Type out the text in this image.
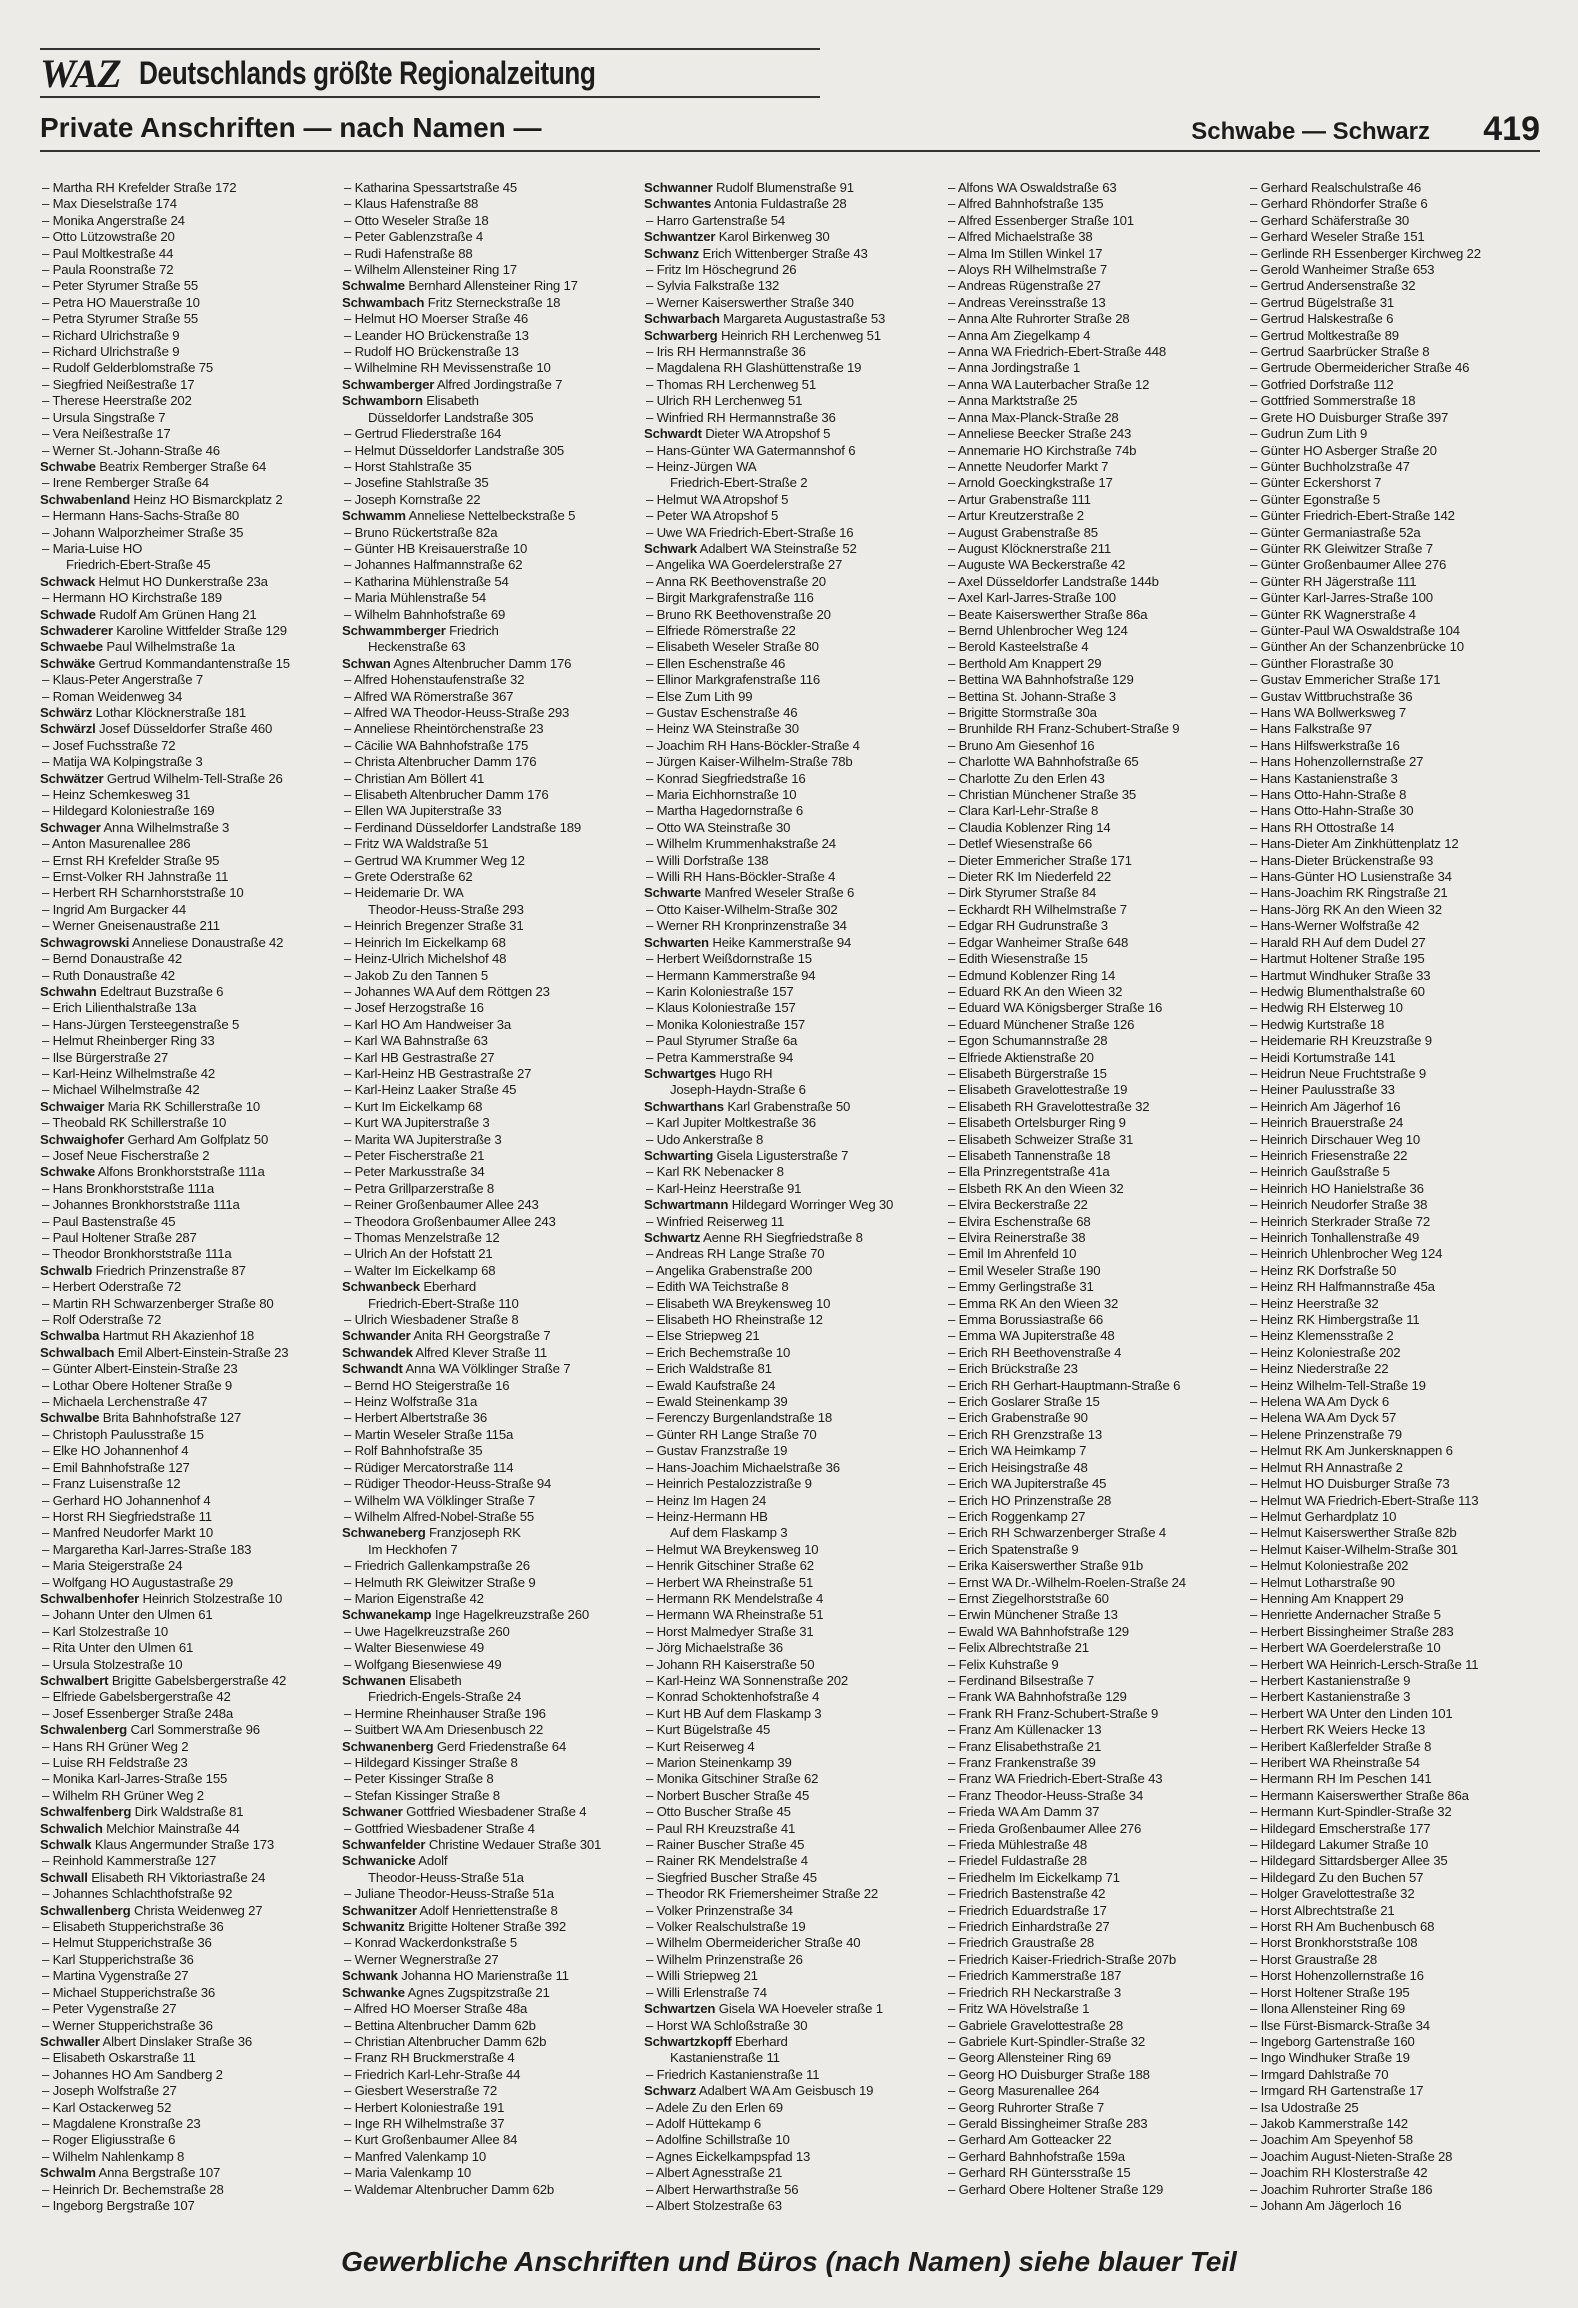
WAZ Deutschlands größte Regionalzeitung
Private Anschriften — nach Namen —	Schwabe — Schwarz 419
– Martha RH Krefelder Straße 172
– Max Dieselstraße 174
– Monika Angerstraße 24
– Otto Lützowstraße 20
– Paul Moltkestraße 44
– Paula Roonstraße 72
– Peter Styrumer Straße 55
– Petra HO Mauerstraße 10
– Petra Styrumer Straße 55
– Richard Ulrichstraße 9
– Richard Ulrichstraße 9
– Rudolf Gelderblomstraße 75
– Siegfried Neißestraße 17
– Therese Heerstraße 202
– Ursula Singstraße 7
– Vera Neißestraße 17
– Werner St.-Johann-Straße 46
Schwabe Beatrix Remberger Straße 64
– Irene Remberger Straße 64
Schwabenland Heinz HO Bismarckplatz 2
– Hermann Hans-Sachs-Straße 80
– Johann Walporzheimer Straße 35
– Maria-Luise HO
Friedrich-Ebert-Straße 45
Schwack Helmut HO Dunkerstraße 23a
– Hermann HO Kirchstraße 189
Schwade Rudolf Am Grünen Hang 21
Schwaderer Karoline Wittfelder Straße 129
Schwaebe Paul Wilhelmstraße 1a
Schwäke Gertrud Kommandantenstraße 15
– Klaus-Peter Angerstraße 7
– Roman Weidenweg 34
Schwärz Lothar Klöcknerstraße 181
Schwärzl Josef Düsseldorfer Straße 460
– Josef Fuchsstraße 72
– Matija WA Kolpingstraße 3
Schwätzer Gertrud Wilhelm-Tell-Straße 26
– Heinz Schemkesweg 31
– Hildegard Koloniestraße 169
Schwager Anna Wilhelmstraße 3
– Anton Masurenallee 286
– Ernst RH Krefelder Straße 95
– Ernst-Volker RH Jahnstraße 11
– Herbert RH Scharnhorststraße 10
– Ingrid Am Burgacker 44
– Werner Gneisenaustraße 211
Schwagrowski Anneliese Donaustraße 42
– Bernd Donaustraße 42
– Ruth Donaustraße 42
Schwahn Edeltraut Buzstraße 6
– Erich Lilienthalstraße 13a
– Hans-Jürgen Tersteegenstraße 5
– Helmut Rheinberger Ring 33
– Ilse Bürgerstraße 27
– Karl-Heinz Wilhelmstraße 42
– Michael Wilhelmstraße 42
Schwaiger Maria RK Schillerstraße 10
– Theobald RK Schillerstraße 10
Schwaighofer Gerhard Am Golfplatz 50
– Josef Neue Fischerstraße 2
Schwake Alfons Bronkhorststraße 111a
– Hans Bronkhorststraße 111a
– Johannes Bronkhorststraße 111a
– Paul Bastenstraße 45
– Paul Holtener Straße 287
– Theodor Bronkhorststraße 111a
Schwalb Friedrich Prinzenstraße 87
– Herbert Oderstraße 72
– Martin RH Schwarzenberger Straße 80
– Rolf Oderstraße 72
Schwalba Hartmut RH Akazienhof 18
Schwalbach Emil Albert-Einstein-Straße 23
– Günter Albert-Einstein-Straße 23
– Lothar Obere Holtener Straße 9
– Michaela Lerchenstraße 47
Schwalbe Brita Bahnhofstraße 127
– Christoph Paulusstraße 15
– Elke HO Johannenhof 4
– Emil Bahnhofstraße 127
– Franz Luisenstraße 12
– Gerhard HO Johannenhof 4
– Horst RH Siegfriedstraße 11
– Manfred Neudorfer Markt 10
– Margaretha Karl-Jarres-Straße 183
– Maria Steigerstraße 24
– Wolfgang HO Augustastraße 29
Schwalbenhofer Heinrich Stolzestraße 10
– Johann Unter den Ulmen 61
– Karl Stolzestraße 10
– Rita Unter den Ulmen 61
– Ursula Stolzestraße 10
Schwalbert Brigitte Gabelsbergerstraße 42
– Elfriede Gabelsbergerstraße 42
– Josef Essenberger Straße 248a
Schwalenberg Carl Sommerstraße 96
– Hans RH Grüner Weg 2
– Luise RH Feldstraße 23
– Monika Karl-Jarres-Straße 155
– Wilhelm RH Grüner Weg 2
Schwalfenberg Dirk Waldstraße 81
Schwalich Melchior Mainstraße 44
Schwalk Klaus Angermunder Straße 173
– Reinhold Kammerstraße 127
Schwall Elisabeth RH Viktoriastraße 24
– Johannes Schlachthofstraße 92
Schwallenberg Christa Weidenweg 27
– Elisabeth Stupperichstraße 36
– Helmut Stupperichstraße 36
– Karl Stupperichstraße 36
– Martina Vygenstraße 27
– Michael Stupperichstraße 36
– Peter Vygenstraße 27
– Werner Stupperichstraße 36
Schwaller Albert Dinslaker Straße 36
– Elisabeth Oskarstraße 11
– Johannes HO Am Sandberg 2
– Joseph Wolfstraße 27
– Karl Ostackerweg 52
– Magdalene Kronstraße 23
– Roger Eligiusstraße 6
– Wilhelm Nahlenkamp 8
Schwalm Anna Bergstraße 107
– Heinrich Dr. Bechemstraße 28
– Ingeborg Bergstraße 107
– Katharina Spessartstraße 45
– Klaus Hafenstraße 88
– Otto Weseler Straße 18
– Peter Gablenzstraße 4
– Rudi Hafenstraße 88
– Wilhelm Allensteiner Ring 17
Schwalme Bernhard Allensteiner Ring 17
Schwambach Fritz Sterneckstraße 18
– Helmut HO Moerser Straße 46
– Leander HO Brückenstraße 13
– Rudolf HO Brückenstraße 13
– Wilhelmine RH Mevissenstraße 10
Schwamberger Alfred Jordingstraße 7
Schwamborn Elisabeth
Düsseldorfer Landstraße 305
– Gertrud Fliederstraße 164
– Helmut Düsseldorfer Landstraße 305
– Horst Stahlstraße 35
– Josefine Stahlstraße 35
– Joseph Kornstraße 22
Schwamm Anneliese Nettelbeckstraße 5
– Bruno Rückertstraße 82a
– Günter HB Kreisauerstraße 10
– Johannes Halfmannstraße 62
– Katharina Mühlenstraße 54
– Maria Mühlenstraße 54
– Wilhelm Bahnhofstraße 69
Schwammberger Friedrich
Heckenstraße 63
Schwan Agnes Altenbrucher Damm 176
– Alfred Hohenstaufenstraße 32
– Alfred WA Römerstraße 367
– Alfred WA Theodor-Heuss-Straße 293
– Anneliese Rheintörchenstraße 23
– Cäcilie WA Bahnhofstraße 175
– Christa Altenbrucher Damm 176
– Christian Am Böllert 41
– Elisabeth Altenbrucher Damm 176
– Ellen WA Jupiterstraße 33
– Ferdinand Düsseldorfer Landstraße 189
– Fritz WA Waldstraße 51
– Gertrud WA Krummer Weg 12
– Grete Oderstraße 62
– Heidemarie Dr. WA
Theodor-Heuss-Straße 293
– Heinrich Bregenzer Straße 31
– Heinrich Im Eickelkamp 68
– Heinz-Ulrich Michelshof 48
– Jakob Zu den Tannen 5
– Johannes WA Auf dem Röttgen 23
– Josef Herzogstraße 16
– Karl HO Am Handweiser 3a
– Karl WA Bahnstraße 63
– Karl HB Gestrastraße 27
– Karl-Heinz HB Gestrastraße 27
– Karl-Heinz Laaker Straße 45
– Kurt Im Eickelkamp 68
– Kurt WA Jupiterstraße 3
– Marita WA Jupiterstraße 3
– Peter Fischerstraße 21
– Peter Markusstraße 34
– Petra Grillparzerstraße 8
– Reiner Großenbaumer Allee 243
– Theodora Großenbaumer Allee 243
– Thomas Menzelstraße 12
– Ulrich An der Hofstatt 21
– Walter Im Eickelkamp 68
Schwanbeck Eberhard
Friedrich-Ebert-Straße 110
– Ulrich Wiesbadener Straße 8
Schwander Anita RH Georgstraße 7
Schwandek Alfred Klever Straße 11
Schwandt Anna WA Völklinger Straße 7
– Bernd HO Steigerstraße 16
– Heinz Wolfstraße 31a
– Herbert Albertstraße 36
– Martin Weseler Straße 115a
– Rolf Bahnhofstraße 35
– Rüdiger Mercatorstraße 114
– Rüdiger Theodor-Heuss-Straße 94
– Wilhelm WA Völklinger Straße 7
– Wilhelm Alfred-Nobel-Straße 55
Schwaneberg Franzjoseph RK
Im Heckhofen 7
– Friedrich Gallenkampstraße 26
– Helmuth RK Gleiwitzer Straße 9
– Marion Eigenstraße 42
Schwanekamp Inge Hagelkreuzstraße 260
– Uwe Hagelkreuzstraße 260
– Walter Biesenwiese 49
– Wolfgang Biesenwiese 49
Schwanen Elisabeth
Friedrich-Engels-Straße 24
– Hermine Rheinhauser Straße 196
– Suitbert WA Am Driesenbusch 22
Schwanenberg Gerd Friedenstraße 64
– Hildegard Kissinger Straße 8
– Peter Kissinger Straße 8
– Stefan Kissinger Straße 8
Schwaner Gottfried Wiesbadener Straße 4
– Gottfried Wiesbadener Straße 4
Schwanfelder Christine Wedauer Straße 301
Schwanicke Adolf
Theodor-Heuss-Straße 51a
– Juliane Theodor-Heuss-Straße 51a
Schwanitzer Adolf Henriettenstraße 8
Schwanitz Brigitte Holtener Straße 392
– Konrad Wackerdonkstraße 5
– Werner Wegnerstraße 27
Schwank Johanna HO Marienstraße 11
Schwanke Agnes Zugspitzstraße 21
– Alfred HO Moerser Straße 48a
– Bettina Altenbrucher Damm 62b
– Christian Altenbrucher Damm 62b
– Franz RH Bruckmerstraße 4
– Friedrich Karl-Lehr-Straße 44
– Giesbert Weserstraße 72
– Herbert Koloniestraße 191
– Inge RH Wilhelmstraße 37
– Kurt Großenbaumer Allee 84
– Manfred Valenkamp 10
– Maria Valenkamp 10
– Waldemar Altenbrucher Damm 62b
Schwanner Rudolf Blumenstraße 91
Schwantes Antonia Fuldastraße 28
– Harro Gartenstraße 54
Schwantzer Karol Birkenweg 30
Schwanz Erich Wittenberger Straße 43
– Fritz Im Höschegrund 26
– Sylvia Falkstraße 132
– Werner Kaiserswerther Straße 340
Schwarbach Margareta Augustastraße 53
Schwarberg Heinrich RH Lerchenweg 51
– Iris RH Hermannstraße 36
– Magdalena RH Glashüttenstraße 19
– Thomas RH Lerchenweg 51
– Ulrich RH Lerchenweg 51
– Winfried RH Hermannstraße 36
Schwardt Dieter WA Atropshof 5
– Hans-Günter WA Gatermannshof 6
– Heinz-Jürgen WA
Friedrich-Ebert-Straße 2
– Helmut WA Atropshof 5
– Peter WA Atropshof 5
– Uwe WA Friedrich-Ebert-Straße 16
Schwark Adalbert WA Steinstraße 52
– Angelika WA Goerdelerstraße 27
– Anna RK Beethovenstraße 20
– Birgit Markgrafenstraße 116
– Bruno RK Beethovenstraße 20
– Elfriede Römerstraße 22
– Elisabeth Weseler Straße 80
– Ellen Eschenstraße 46
– Ellinor Markgrafenstraße 116
– Else Zum Lith 99
– Gustav Eschenstraße 46
– Heinz WA Steinstraße 30
– Joachim RH Hans-Böckler-Straße 4
– Jürgen Kaiser-Wilhelm-Straße 78b
– Konrad Siegfriedstraße 16
– Maria Eichhornstraße 10
– Martha Hagedornstraße 6
– Otto WA Steinstraße 30
– Wilhelm Krummenhakstraße 24
– Willi Dorfstraße 138
– Willi RH Hans-Böckler-Straße 4
Schwarte Manfred Weseler Straße 6
– Otto Kaiser-Wilhelm-Straße 302
– Werner RH Kronprinzenstraße 34
Schwarten Heike Kammerstraße 94
– Herbert Weißdornstraße 15
– Hermann Kammerstraße 94
– Karin Koloniestraße 157
– Klaus Koloniestraße 157
– Monika Koloniestraße 157
– Paul Styrumer Straße 6a
– Petra Kammerstraße 94
Schwartges Hugo RH
Joseph-Haydn-Straße 6
Schwarthans Karl Grabenstraße 50
– Karl Jupiter Moltkestraße 36
– Udo Ankerstraße 8
Schwarting Gisela Ligusterstraße 7
– Karl RK Nebenacker 8
– Karl-Heinz Heerstraße 91
Schwartmann Hildegard Worringer Weg 30
– Winfried Reiserweg 11
Schwartz Aenne RH Siegfriedstraße 8
– Andreas RH Lange Straße 70
– Angelika Grabenstraße 200
– Edith WA Teichstraße 8
– Elisabeth WA Breykensweg 10
– Elisabeth HO Rheinstraße 12
– Else Striepweg 21
– Erich Bechemstraße 10
– Erich Waldstraße 81
– Ewald Kaufstraße 24
– Ewald Steinenkamp 39
– Ferenczy Burgenlandstraße 18
– Günter RH Lange Straße 70
– Gustav Franzstraße 19
– Hans-Joachim Michaelstraße 36
– Heinrich Pestalozzistraße 9
– Heinz Im Hagen 24
– Heinz-Hermann HB
Auf dem Flaskamp 3
– Helmut WA Breykensweg 10
– Henrik Gitschiner Straße 62
– Herbert WA Rheinstraße 51
– Hermann RK Mendelstraße 4
– Hermann WA Rheinstraße 51
– Horst Malmedyer Straße 31
– Jörg Michaelstraße 36
– Johann RH Kaiserstraße 50
– Karl-Heinz WA Sonnenstraße 202
– Konrad Schoktenhofstraße 4
– Kurt HB Auf dem Flaskamp 3
– Kurt Bügelstraße 45
– Kurt Reiserweg 4
– Marion Steinenkamp 39
– Monika Gitschiner Straße 62
– Norbert Buscher Straße 45
– Otto Buscher Straße 45
– Paul RH Kreuzstraße 41
– Rainer Buscher Straße 45
– Rainer RK Mendelstraße 4
– Siegfried Buscher Straße 45
– Theodor RK Friemersheimer Straße 22
– Volker Prinzenstraße 34
– Volker Realschulstraße 19
– Wilhelm Obermeidericher Straße 40
– Wilhelm Prinzenstraße 26
– Willi Striepweg 21
– Willi Erlenstraße 74
Schwartzen Gisela WA Hoeveler straße 1
– Horst WA Schloßstraße 30
Schwartzkopff Eberhard
Kastanienstraße 11
– Friedrich Kastanienstraße 11
Schwarz Adalbert WA Am Geisbusch 19
– Adele Zu den Erlen 69
– Adolf Hüttekamp 6
– Adolfine Schillstraße 10
– Agnes Eickelkampspfad 13
– Albert Agnesstraße 21
– Albert Herwarthstraße 56
– Albert Stolzestraße 63
– Alfons WA Oswaldstraße 63
– Alfred Bahnhofstraße 135
– Alfred Essenberger Straße 101
– Alfred Michaelstraße 38
– Alma Im Stillen Winkel 17
– Aloys RH Wilhelmstraße 7
– Andreas Rügenstraße 27
– Andreas Vereinsstraße 13
– Anna Alte Ruhrorter Straße 28
– Anna Am Ziegelkamp 4
– Anna WA Friedrich-Ebert-Straße 448
– Anna Jordingstraße 1
– Anna WA Lauterbacher Straße 12
– Anna Marktstraße 25
– Anna Max-Planck-Straße 28
– Anneliese Beecker Straße 243
– Annemarie HO Kirchstraße 74b
– Annette Neudorfer Markt 7
– Arnold Goeckingkstraße 17
– Artur Grabenstraße 111
– Artur Kreutzerstraße 2
– August Grabenstraße 85
– August Klöcknerstraße 211
– Auguste WA Beckerstraße 42
– Axel Düsseldorfer Landstraße 144b
– Axel Karl-Jarres-Straße 100
– Beate Kaiserswerther Straße 86a
– Bernd Uhlenbrocher Weg 124
– Berold Kasteelstraße 4
– Berthold Am Knappert 29
– Bettina WA Bahnhofstraße 129
– Bettina St. Johann-Straße 3
– Brigitte Stormstraße 30a
– Brunhilde RH Franz-Schubert-Straße 9
– Bruno Am Giesenhof 16
– Charlotte WA Bahnhofstraße 65
– Charlotte Zu den Erlen 43
– Christian Münchener Straße 35
– Clara Karl-Lehr-Straße 8
– Claudia Koblenzer Ring 14
– Detlef Wiesenstraße 66
– Dieter Emmericher Straße 171
– Dieter RK Im Niederfeld 22
– Dirk Styrumer Straße 84
– Eckhardt RH Wilhelmstraße 7
– Edgar RH Gudrunstraße 3
– Edgar Wanheimer Straße 648
– Edith Wiesenstraße 15
– Edmund Koblenzer Ring 14
– Eduard RK An den Wieen 32
– Eduard WA Königsberger Straße 16
– Eduard Münchener Straße 126
– Egon Schumannstraße 28
– Elfriede Aktienstraße 20
– Elisabeth Bürgerstraße 15
– Elisabeth Gravelottestraße 19
– Elisabeth RH Gravelottestraße 32
– Elisabeth Ortelsburger Ring 9
– Elisabeth Schweizer Straße 31
– Elisabeth Tannenstraße 18
– Ella Prinzregentstraße 41a
– Elsbeth RK An den Wieen 32
– Elvira Beckerstraße 22
– Elvira Eschenstraße 68
– Elvira Reinerstraße 38
– Emil Im Ahrenfeld 10
– Emil Weseler Straße 190
– Emmy Gerlingstraße 31
– Emma RK An den Wieen 32
– Emma Borussiastraße 66
– Emma WA Jupiterstraße 48
– Erich RH Beethovenstraße 4
– Erich Brückstraße 23
– Erich RH Gerhart-Hauptmann-Straße 6
– Erich Goslarer Straße 15
– Erich Grabenstraße 90
– Erich RH Grenzstraße 13
– Erich WA Heimkamp 7
– Erich Heisingstraße 48
– Erich WA Jupiterstraße 45
– Erich HO Prinzenstraße 28
– Erich Roggenkamp 27
– Erich RH Schwarzenberger Straße 4
– Erich Spatenstraße 9
– Erika Kaiserswerther Straße 91b
– Ernst WA Dr.-Wilhelm-Roelen-Straße 24
– Ernst Ziegelhorststraße 60
– Erwin Münchener Straße 13
– Ewald WA Bahnhofstraße 129
– Felix Albrechtstraße 21
– Felix Kuhstraße 9
– Ferdinand Bilsestraße 7
– Frank WA Bahnhofstraße 129
– Frank RH Franz-Schubert-Straße 9
– Franz Am Küllenacker 13
– Franz Elisabethstraße 21
– Franz Frankenstraße 39
– Franz WA Friedrich-Ebert-Straße 43
– Franz Theodor-Heuss-Straße 34
– Frieda WA Am Damm 37
– Frieda Großenbaumer Allee 276
– Frieda Mühlestraße 48
– Friedel Fuldastraße 28
– Friedhelm Im Eickelkamp 71
– Friedrich Bastenstraße 42
– Friedrich Eduardstraße 17
– Friedrich Einhardstraße 27
– Friedrich Graustraße 28
– Friedrich Kaiser-Friedrich-Straße 207b
– Friedrich Kammerstraße 187
– Friedrich RH Neckarstraße 3
– Fritz WA Hövelstraße 1
– Gabriele Gravelottestraße 28
– Gabriele Kurt-Spindler-Straße 32
– Georg Allensteiner Ring 69
– Georg HO Duisburger Straße 188
– Georg Masurenallee 264
– Georg Ruhrorter Straße 7
– Gerald Bissingheimer Straße 283
– Gerhard Am Gotteacker 22
– Gerhard Bahnhofstraße 159a
– Gerhard RH Güntersstraße 15
– Gerhard Obere Holtener Straße 129
– Gerhard Realschulstraße 46
– Gerhard Rhöndorfer Straße 6
– Gerhard Schäferstraße 30
– Gerhard Weseler Straße 151
– Gerlinde RH Essenberger Kirchweg 22
– Gerold Wanheimer Straße 653
– Gertrud Andersenstraße 32
– Gertrud Bügelstraße 31
– Gertrud Halskestraße 6
– Gertrud Moltkestraße 89
– Gertrud Saarbrücker Straße 8
– Gertrude Obermeidericher Straße 46
– Gotfried Dorfstraße 112
– Gottfried Sommerstraße 18
– Grete HO Duisburger Straße 397
– Gudrun Zum Lith 9
– Günter HO Asberger Straße 20
– Günter Buchholzstraße 47
– Günter Eckershorst 7
– Günter Egonstraße 5
– Günter Friedrich-Ebert-Straße 142
– Günter Germaniastraße 52a
– Günter RK Gleiwitzer Straße 7
– Günter Großenbaumer Allee 276
– Günter RH Jägerstraße 111
– Günter Karl-Jarres-Straße 100
– Günter RK Wagnerstraße 4
– Günter-Paul WA Oswaldstraße 104
– Günther An der Schanzenbrücke 10
– Günther Florastraße 30
– Gustav Emmericher Straße 171
– Gustav Wittbruchstraße 36
– Hans WA Bollwerksweg 7
– Hans Falkstraße 97
– Hans Hilfswerkstraße 16
– Hans Hohenzollernstraße 27
– Hans Kastanienstraße 3
– Hans Otto-Hahn-Straße 8
– Hans Otto-Hahn-Straße 30
– Hans RH Ottostraße 14
– Hans-Dieter Am Zinkhüttenplatz 12
– Hans-Dieter Brückenstraße 93
– Hans-Günter HO Lusienstraße 34
– Hans-Joachim RK Ringstraße 21
– Hans-Jörg RK An den Wieen 32
– Hans-Werner Wolfstraße 42
– Harald RH Auf dem Dudel 27
– Hartmut Holtener Straße 195
– Hartmut Windhuker Straße 33
– Hedwig Blumenthalstraße 60
– Hedwig RH Elsterweg 10
– Hedwig Kurtstraße 18
– Heidemarie RH Kreuzstraße 9
– Heidi Kortumstraße 141
– Heidrun Neue Fruchtstraße 9
– Heiner Paulusstraße 33
– Heinrich Am Jägerhof 16
– Heinrich Brauerstraße 24
– Heinrich Dirschauer Weg 10
– Heinrich Friesenstraße 22
– Heinrich Gaußstraße 5
– Heinrich HO Hanielstraße 36
– Heinrich Neudorfer Straße 38
– Heinrich Sterkrader Straße 72
– Heinrich Tonhallenstraße 49
– Heinrich Uhlenbrocher Weg 124
– Heinz RK Dorfstraße 50
– Heinz RH Halfmannstraße 45a
– Heinz Heerstraße 32
– Heinz RK Himbergstraße 11
– Heinz Klemensstraße 2
– Heinz Koloniestraße 202
– Heinz Niederstraße 22
– Heinz Wilhelm-Tell-Straße 19
– Helena WA Am Dyck 6
– Helena WA Am Dyck 57
– Helene Prinzenstraße 79
– Helmut RK Am Junkersknappen 6
– Helmut RH Annastraße 2
– Helmut HO Duisburger Straße 73
– Helmut WA Friedrich-Ebert-Straße 113
– Helmut Gerhardplatz 10
– Helmut Kaiserswerther Straße 82b
– Helmut Kaiser-Wilhelm-Straße 301
– Helmut Koloniestraße 202
– Helmut Lotharstraße 90
– Henning Am Knappert 29
– Henriette Andernacher Straße 5
– Herbert Bissingheimer Straße 283
– Herbert WA Goerdelerstraße 10
– Herbert WA Heinrich-Lersch-Straße 11
– Herbert Kastanienstraße 9
– Herbert Kastanienstraße 3
– Herbert WA Unter den Linden 101
– Herbert RK Weiers Hecke 13
– Heribert Kaßlerfelder Straße 8
– Heribert WA Rheinstraße 54
– Hermann RH Im Peschen 141
– Hermann Kaiserswerther Straße 86a
– Hermann Kurt-Spindler-Straße 32
– Hildegard Emscherstraße 177
– Hildegard Lakumer Straße 10
– Hildegard Sittardsberger Allee 35
– Hildegard Zu den Buchen 57
– Holger Gravelottestraße 32
– Horst Albrechtstraße 21
– Horst RH Am Buchenbusch 68
– Horst Bronkhorststraße 108
– Horst Graustraße 28
– Horst Hohenzollernstraße 16
– Horst Holtener Straße 195
– Ilona Allensteiner Ring 69
– Ilse Fürst-Bismarck-Straße 34
– Ingeborg Gartenstraße 160
– Ingo Windhuker Straße 19
– Irmgard Dahlstraße 70
– Irmgard RH Gartenstraße 17
– Isa Udostraße 25
– Jakob Kammerstraße 142
– Joachim Am Speyenhof 58
– Joachim August-Nieten-Straße 28
– Joachim RH Klosterstraße 42
– Joachim Ruhrorter Straße 186
– Johann Am Jägerloch 16
Gewerbliche Anschriften und Büros (nach Namen) siehe blauer Teil
